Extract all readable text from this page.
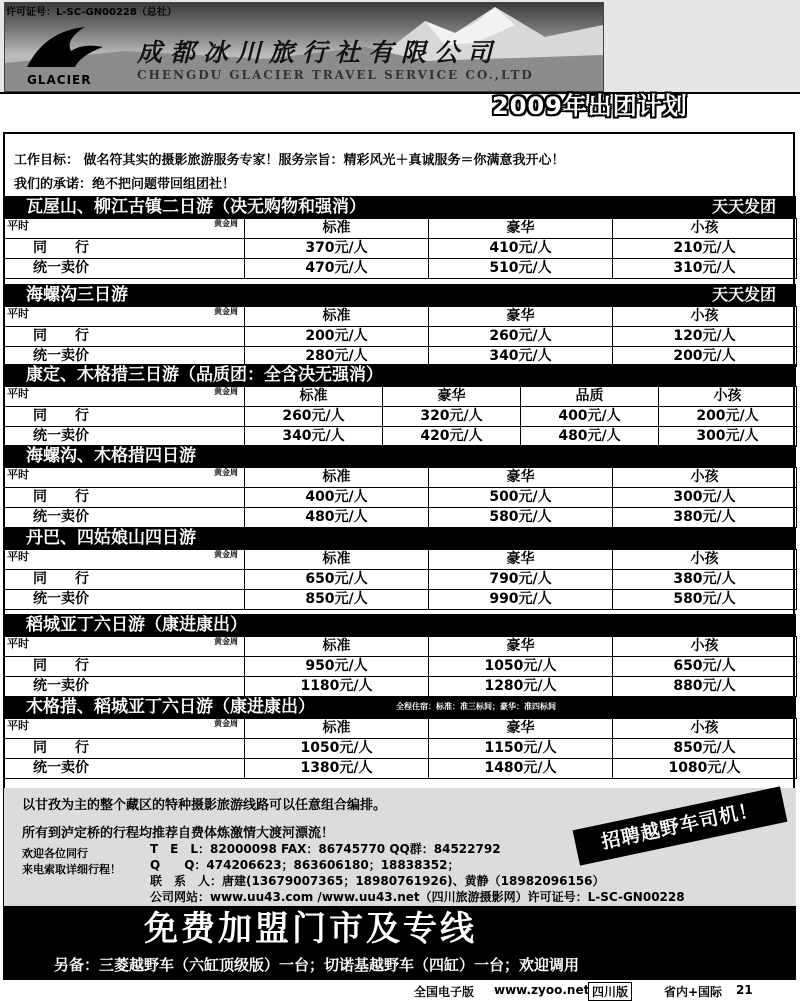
GLACIER
成都冰川旅行社有限公司
CHENGDU GLACIER TRAVEL SERVICE CO.,LTD
许可证号：L-SC-GN00228（总社）
2009年出团计划
工作目标： 做名符其实的摄影旅游服务专家！服务宗旨：精彩风光＋真诚服务＝你满意我开心！
我们的承诺：绝不把问题带回组团社！
瓦屋山、柳江古镇二日游（决无购物和强消）	天天发团
平时 黄金周	标准	豪华	小孩
同　　行	370元/人	410元/人	210元/人
统一卖价	470元/人	510元/人	310元/人
海螺沟三日游	天天发团
平时 黄金周	标准	豪华	小孩
同　　行	200元/人	260元/人	120元/人
统一卖价	280元/人	340元/人	200元/人
康定、木格措三日游（品质团：全含决无强消）
平时 黄金周	标准	豪华	品质	小孩
同　　行	260元/人	320元/人	400元/人	200元/人
统一卖价	340元/人	420元/人	480元/人	300元/人
海螺沟、木格措四日游
平时 黄金周	标准	豪华	小孩
同　　行	400元/人	500元/人	300元/人
统一卖价	480元/人	580元/人	380元/人
丹巴、四姑娘山四日游
平时 黄金周	标准	豪华	小孩
同　　行	650元/人	790元/人	380元/人
统一卖价	850元/人	990元/人	580元/人
稻城亚丁六日游（康进康出）
平时 黄金周	标准	豪华	小孩
同　　行	950元/人	1050元/人	650元/人
统一卖价	1180元/人	1280元/人	880元/人
木格措、稻城亚丁六日游（康进康出）	全程住宿：标准：准三标间；豪华：准四标间
平时 黄金周	标准	豪华	小孩
同　　行	1050元/人	1150元/人	850元/人
统一卖价	1380元/人	1480元/人	1080元/人
以甘孜为主的整个藏区的特种摄影旅游线路可以任意组合编排。
所有到泸定桥的行程均推荐自费体炼激情大渡河漂流！
欢迎各位同行
来电索取详细行程！
T　E　L：82000098 FAX：86745770 QQ群：84522792
Q　　Q：474206623；863606180；18838352；
联　系　人：唐建(13679007365；18980761926)、黄静（18982096156）
公司网站：www.uu43.com /www.uu43.net（四川旅游摄影网）许可证号：L-SC-GN00228
招聘越野车司机！
免费加盟门市及专线
另备：三菱越野车（六缸顶级版）一台；切诺基越野车（四缸）一台；欢迎调用
全国电子版 www.zyoo.net 四川版	省内+国际 21
